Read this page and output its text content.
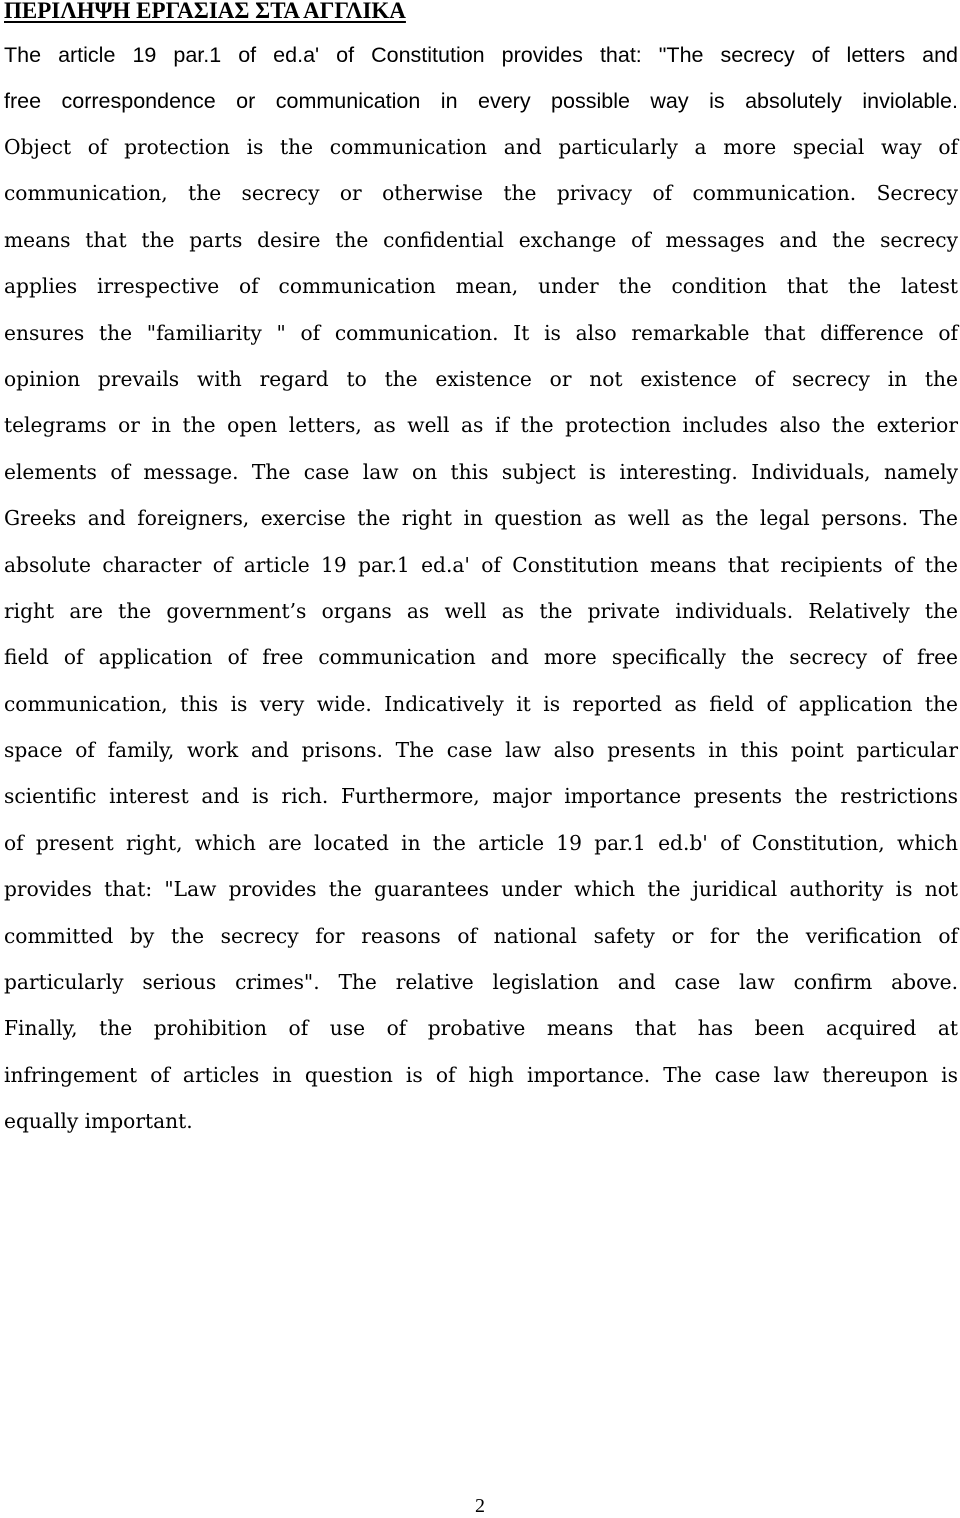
ΠΕΡΙΛΗΨΗ ΕΡΓΑΣΙΑΣ ΣΤΑ ΑΓΓΛΙΚΑ
The article 19 par.1 of ed.a' of Constitution provides that: "The secrecy of letters and
free correspondence or communication in every possible way is absolutely inviolable.
Object of protection is the communication and particularly a more special way of
communication, the secrecy or otherwise the privacy of communication. Secrecy
means that the parts desire the confidential exchange of messages and the secrecy
applies irrespective of communication mean, under the condition that the latest
ensures the "familiarity " of communication. It is also remarkable that difference of
opinion prevails with regard to the existence or not existence of secrecy in the
telegrams or in the open letters, as well as if the protection includes also the exterior
elements of message. The case law on this subject is interesting. Individuals, namely
Greeks and foreigners, exercise the right in question as well as the legal persons. The
absolute character of article 19 par.1 ed.a' of Constitution means that recipients of the
right are the government’s organs as well as the private individuals. Relatively the
field of application of free communication and more specifically the secrecy of free
communication, this is very wide. Indicatively it is reported as field of application the
space of family, work and prisons. The case law also presents in this point particular
scientific interest and is rich. Furthermore, major importance presents the restrictions
of present right, which are located in the article 19 par.1 ed.b' of Constitution, which
provides that: "Law provides the guarantees under which the juridical authority is not
committed by the secrecy for reasons of national safety or for the verification of
particularly serious crimes". The relative legislation and case law confirm above.
Finally, the prohibition of use of probative means that has been acquired at
infringement of articles in question is of high importance. The case law thereupon is
equally important.
2
